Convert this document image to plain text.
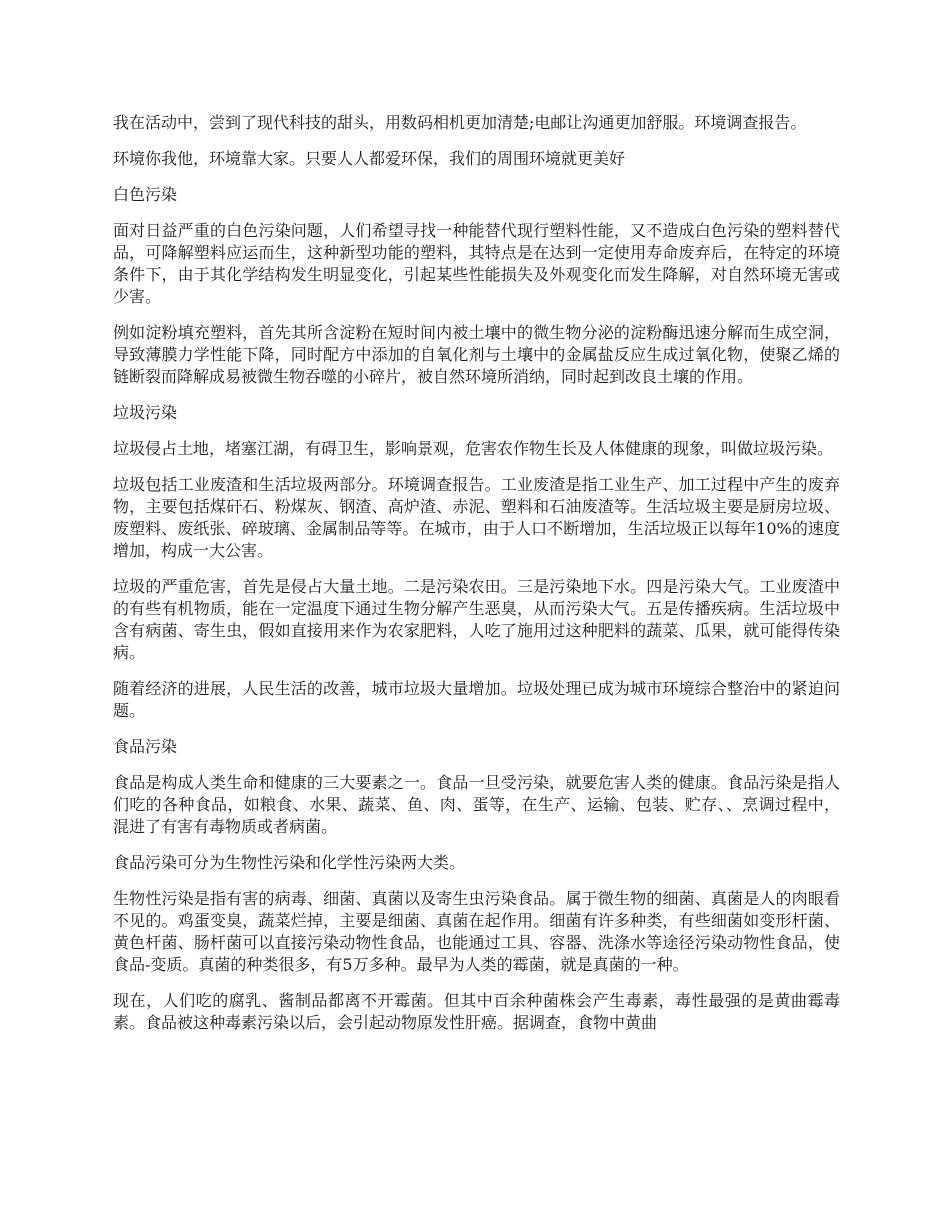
我在活动中，尝到了现代科技的甜头，用数码相机更加清楚;电邮让沟通更加舒服。环境调查报告。

环境你我他，环境靠大家。只要人人都爱环保，我们的周围环境就更美好

白色污染

面对日益严重的白色污染问题，人们希望寻找一种能替代现行塑料性能，又不造成白色污染的塑料替代品，可降解塑料应运而生，这种新型功能的塑料，其特点是在达到一定使用寿命废弃后，在特定的环境条件下，由于其化学结构发生明显变化，引起某些性能损失及外观变化而发生降解，对自然环境无害或少害。

例如淀粉填充塑料，首先其所含淀粉在短时间内被土壤中的微生物分泌的淀粉酶迅速分解而生成空洞，导致薄膜力学性能下降，同时配方中添加的自氧化剂与土壤中的金属盐反应生成过氧化物，使聚乙烯的链断裂而降解成易被微生物吞噬的小碎片，被自然环境所消纳，同时起到改良土壤的作用。

垃圾污染

垃圾侵占土地，堵塞江湖，有碍卫生，影响景观，危害农作物生长及人体健康的现象，叫做垃圾污染。

垃圾包括工业废渣和生活垃圾两部分。环境调查报告。工业废渣是指工业生产、加工过程中产生的废弃物，主要包括煤矸石、粉煤灰、钢渣、高炉渣、赤泥、塑料和石油废渣等。生活垃圾主要是厨房垃圾、废塑料、废纸张、碎玻璃、金属制品等等。在城市，由于人口不断增加，生活垃圾正以每年10%的速度增加，构成一大公害。

垃圾的严重危害，首先是侵占大量土地。二是污染农田。三是污染地下水。四是污染大气。工业废渣中的有些有机物质，能在一定温度下通过生物分解产生恶臭，从而污染大气。五是传播疾病。生活垃圾中含有病菌、寄生虫，假如直接用来作为农家肥料，人吃了施用过这种肥料的蔬菜、瓜果，就可能得传染病。

随着经济的进展，人民生活的改善，城市垃圾大量增加。垃圾处理已成为城市环境综合整治中的紧迫问题。

食品污染

食品是构成人类生命和健康的三大要素之一。食品一旦受污染，就要危害人类的健康。食品污染是指人们吃的各种食品，如粮食、水果、蔬菜、鱼、肉、蛋等，在生产、运输、包装、贮存、、烹调过程中，混进了有害有毒物质或者病菌。

食品污染可分为生物性污染和化学性污染两大类。

生物性污染是指有害的病毒、细菌、真菌以及寄生虫污染食品。属于微生物的细菌、真菌是人的肉眼看不见的。鸡蛋变臭，蔬菜烂掉，主要是细菌、真菌在起作用。细菌有许多种类，有些细菌如变形杆菌、黄色杆菌、肠杆菌可以直接污染动物性食品，也能通过工具、容器、洗涤水等途径污染动物性食品，使食品-变质。真菌的种类很多，有5万多种。最早为人类的霉菌，就是真菌的一种。

现在，人们吃的腐乳、酱制品都离不开霉菌。但其中百余种菌株会产生毒素，毒性最强的是黄曲霉毒素。食品被这种毒素污染以后，会引起动物原发性肝癌。据调查，食物中黄曲
